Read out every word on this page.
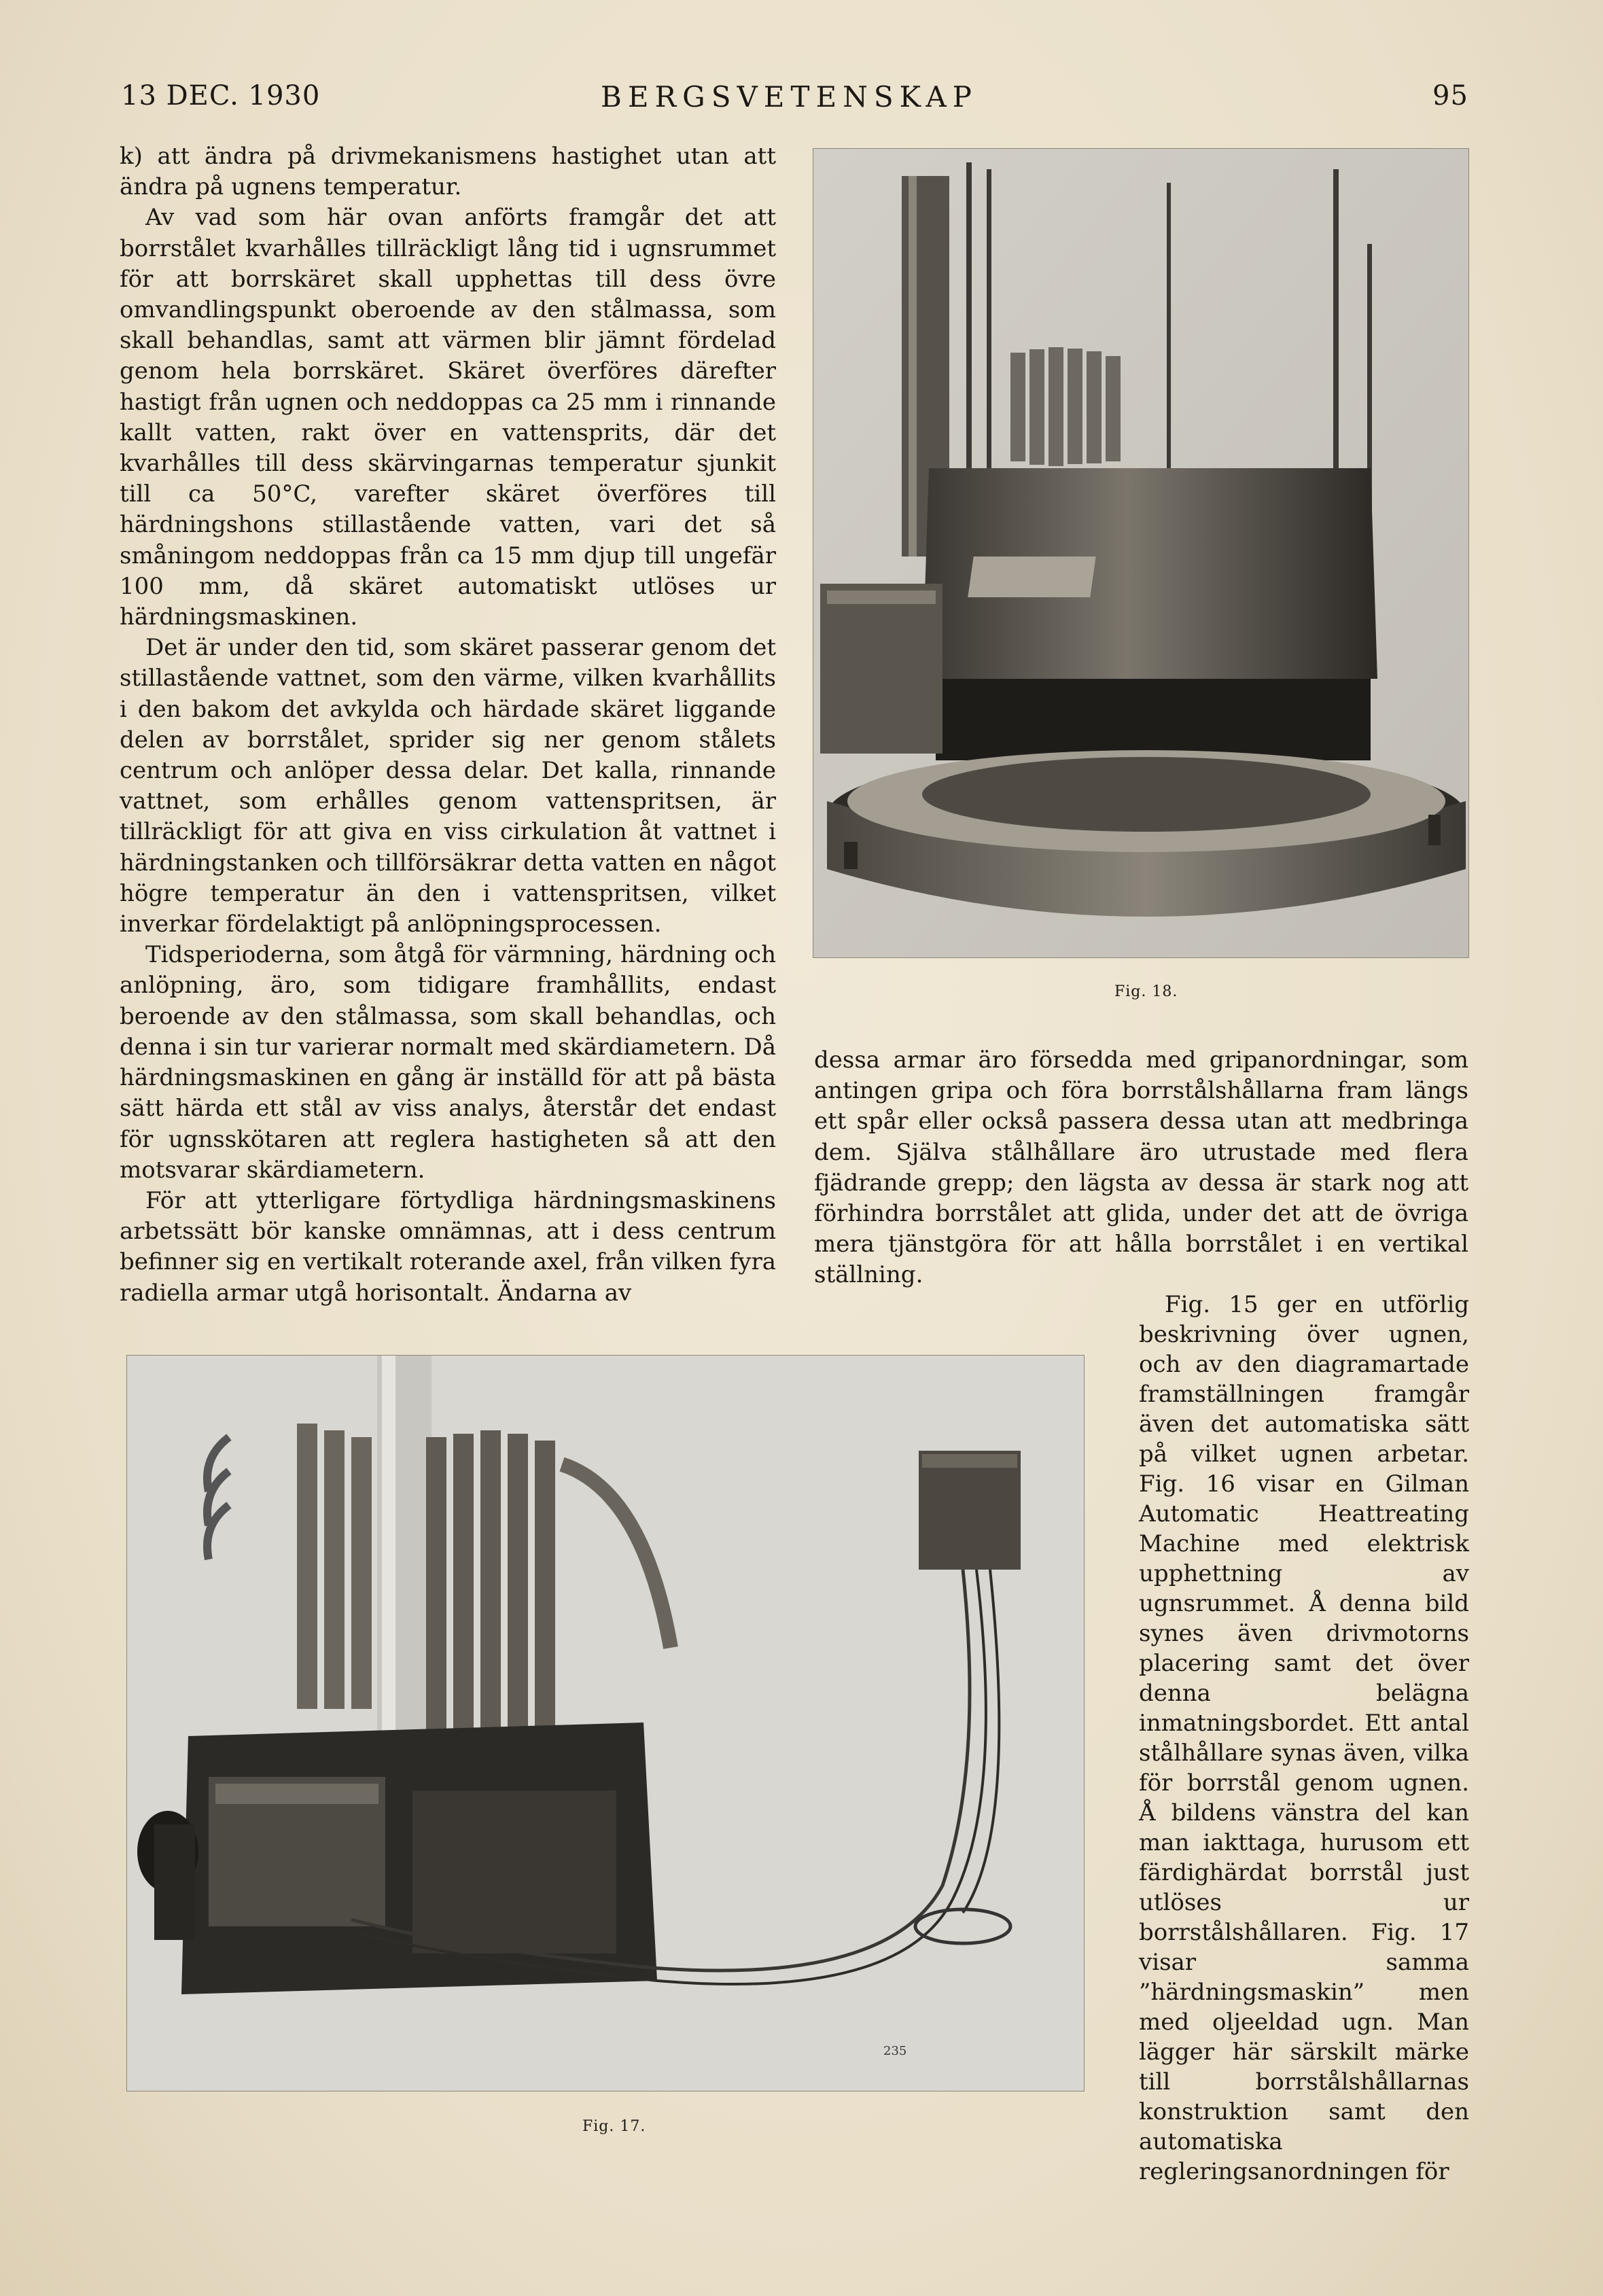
13 DEC. 1930	BERGSVETENSKAP	95

k) att ändra på drivmekanismens hastighet utan att ändra på ugnens temperatur.

Av vad som här ovan anförts framgår det att borrstålet kvarhålles tillräckligt lång tid i ugnsrummet för att borrskäret skall upphettas till dess övre omvandlingspunkt oberoende av den stålmassa, som skall behandlas, samt att värmen blir jämnt fördelad genom hela borrskäret. Skäret överföres därefter hastigt från ugnen och neddoppas ca 25 mm i rinnande kallt vatten, rakt över en vattensprits, där det kvarhålles till dess skärvingarnas temperatur sjunkit till ca 50°C, varefter skäret överföres till härdningshons stillastående vatten, vari det så småningom neddoppas från ca 15 mm djup till ungefär 100 mm, då skäret automatiskt utlöses ur härdningsmaskinen.

Det är under den tid, som skäret passerar genom det stillastående vattnet, som den värme, vilken kvarhållits i den bakom det avkylda och härdade skäret liggande delen av borrstålet, sprider sig ner genom stålets centrum och anlöper dessa delar. Det kalla, rinnande vattnet, som erhålles genom vattenspritsen, är tillräckligt för att giva en viss cirkulation åt vattnet i härdningstanken och tillförsäkrar detta vatten en något högre temperatur än den i vattenspritsen, vilket inverkar fördelaktigt på anlöpningsprocessen.

Tidsperioderna, som åtgå för värmning, härdning och anlöpning, äro, som tidigare framhållits, endast beroende av den stålmassa, som skall behandlas, och denna i sin tur varierar normalt med skärdiametern. Då härdningsmaskinen en gång är inställd för att på bästa sätt härda ett stål av viss analys, återstår det endast för ugnsskötaren att reglera hastigheten så att den motsvarar skärdiametern.

För att ytterligare förtydliga härdningsmaskinens arbetssätt bör kanske omnämnas, att i dess centrum befinner sig en vertikalt roterande axel, från vilken fyra radiella armar utgå horisontalt. Ändarna av

Fig. 18.

dessa armar äro försedda med gripanordningar, som antingen gripa och föra borrstålshållarna fram längs ett spår eller också passera dessa utan att medbringa dem. Själva stålhållare äro utrustade med flera fjädrande grepp; den lägsta av dessa är stark nog att förhindra borrstålet att glida, under det att de övriga mera tjänstgöra för att hålla borrstålet i en vertikal ställning.

Fig. 15 ger en utförlig beskrivning över ugnen, och av den diagramartade framställningen framgår även det automatiska sätt på vilket ugnen arbetar. Fig. 16 visar en Gilman Automatic Heattreating Machine med elektrisk upphettning av ugnsrummet. Å denna bild synes även drivmotorns placering samt det över denna belägna inmatningsbordet. Ett antal stålhållare synas även, vilka för borrstål genom ugnen. Å bildens vänstra del kan man iakttaga, hurusom ett färdighärdat borrstål just utlöses ur borrstålshållaren. Fig. 17 visar samma ”härdningsmaskin” men med oljeeldad ugn. Man lägger här särskilt märke till borrstålshållarnas konstruktion samt den automatiska regleringsanordningen för

235
Fig. 17.
